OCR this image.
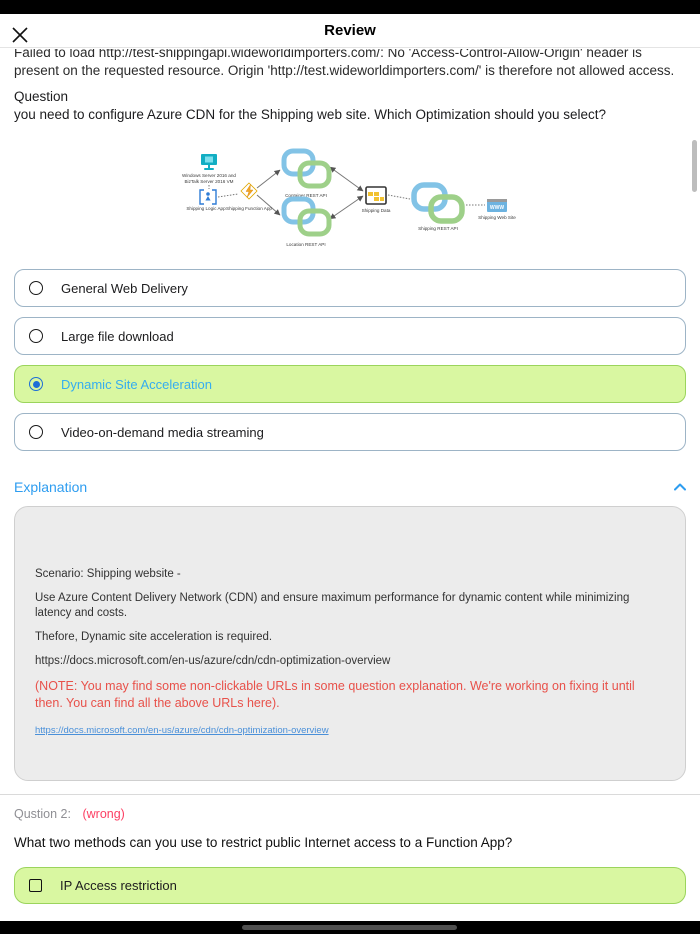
Review
Failed to load http://test-shippingapi.wideworldimporters.com/: No 'Access-Control-Allow-Origin' header is present on the requested resource. Origin 'http://test.wideworldimporters.com/' is therefore not allowed access.
Question
you need to configure Azure CDN for the Shipping web site. Which Optimization should you select?
Windows Server 2016 and
BizTalk Server 2016 VM
Shipping Logic App Shipping Function App
Container REST API
Location REST API
Shipping Data
Shipping REST API
WWW
Shipping Web Site
General Web Delivery
Large file download
Dynamic Site Acceleration
Video-on-demand media streaming
Explanation

Scenario: Shipping website -

Use Azure Content Delivery Network (CDN) and ensure maximum performance for dynamic content while minimizing latency and costs.

Thefore, Dynamic site acceleration is required.

https://docs.microsoft.com/en-us/azure/cdn/cdn-optimization-overview

(NOTE: You may find some non-clickable URLs in some question explanation. We're working on fixing it until then. You can find all the above URLs here).

https://docs.microsoft.com/en-us/azure/cdn/cdn-optimization-overview
Qustion 2: (wrong)
What two methods can you use to restrict public Internet access to a Function App?
IP Access restriction
